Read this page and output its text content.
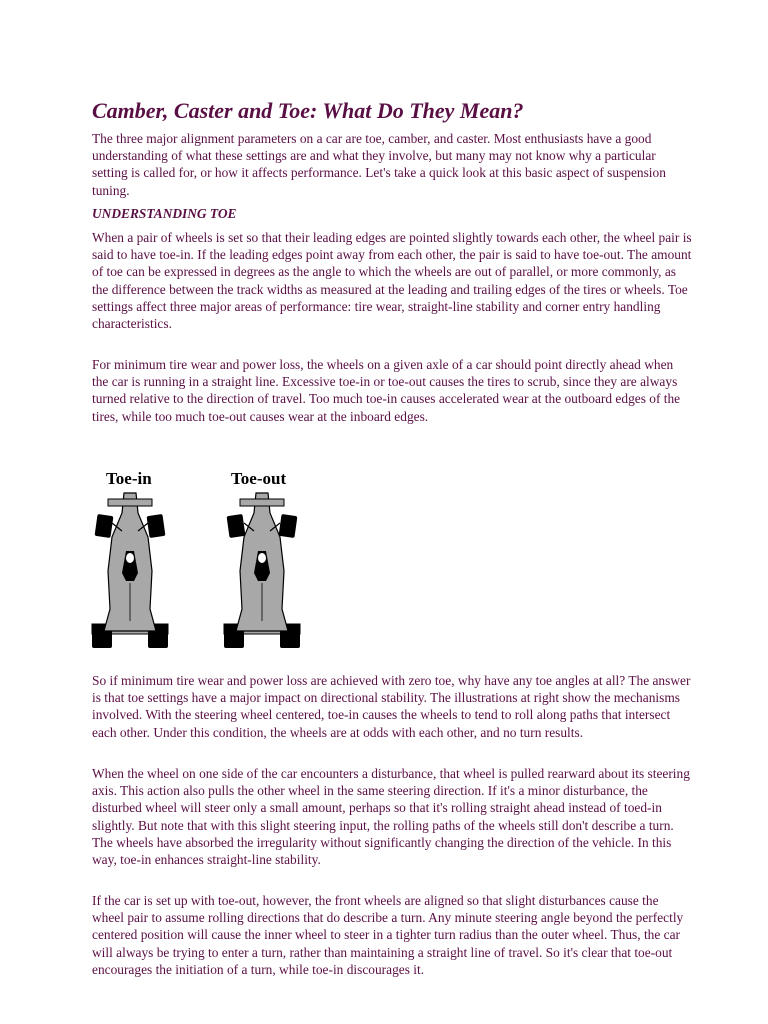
Camber, Caster and Toe: What Do They Mean?

The three major alignment parameters on a car are toe, camber, and caster. Most enthusiasts have a good understanding of what these settings are and what they involve, but many may not know why a particular setting is called for, or how it affects performance. Let's take a quick look at this basic aspect of suspension tuning.

UNDERSTANDING TOE

When a pair of wheels is set so that their leading edges are pointed slightly towards each other, the wheel pair is said to have toe-in. If the leading edges point away from each other, the pair is said to have toe-out. The amount of toe can be expressed in degrees as the angle to which the wheels are out of parallel, or more commonly, as the difference between the track widths as measured at the leading and trailing edges of the tires or wheels. Toe settings affect three major areas of performance: tire wear, straight-line stability and corner entry handling characteristics.

For minimum tire wear and power loss, the wheels on a given axle of a car should point directly ahead when the car is running in a straight line. Excessive toe-in or toe-out causes the tires to scrub, since they are always turned relative to the direction of travel. Too much toe-in causes accelerated wear at the outboard edges of the tires, while too much toe-out causes wear at the inboard edges.

Toe-in	Toe-out

So if minimum tire wear and power loss are achieved with zero toe, why have any toe angles at all? The answer is that toe settings have a major impact on directional stability. The illustrations at right show the mechanisms involved. With the steering wheel centered, toe-in causes the wheels to tend to roll along paths that intersect each other. Under this condition, the wheels are at odds with each other, and no turn results.

When the wheel on one side of the car encounters a disturbance, that wheel is pulled rearward about its steering axis. This action also pulls the other wheel in the same steering direction. If it's a minor disturbance, the disturbed wheel will steer only a small amount, perhaps so that it's rolling straight ahead instead of toed-in slightly. But note that with this slight steering input, the rolling paths of the wheels still don't describe a turn. The wheels have absorbed the irregularity without significantly changing the direction of the vehicle. In this way, toe-in enhances straight-line stability.

If the car is set up with toe-out, however, the front wheels are aligned so that slight disturbances cause the wheel pair to assume rolling directions that do describe a turn. Any minute steering angle beyond the perfectly centered position will cause the inner wheel to steer in a tighter turn radius than the outer wheel. Thus, the car will always be trying to enter a turn, rather than maintaining a straight line of travel. So it's clear that toe-out encourages the initiation of a turn, while toe-in discourages it.
